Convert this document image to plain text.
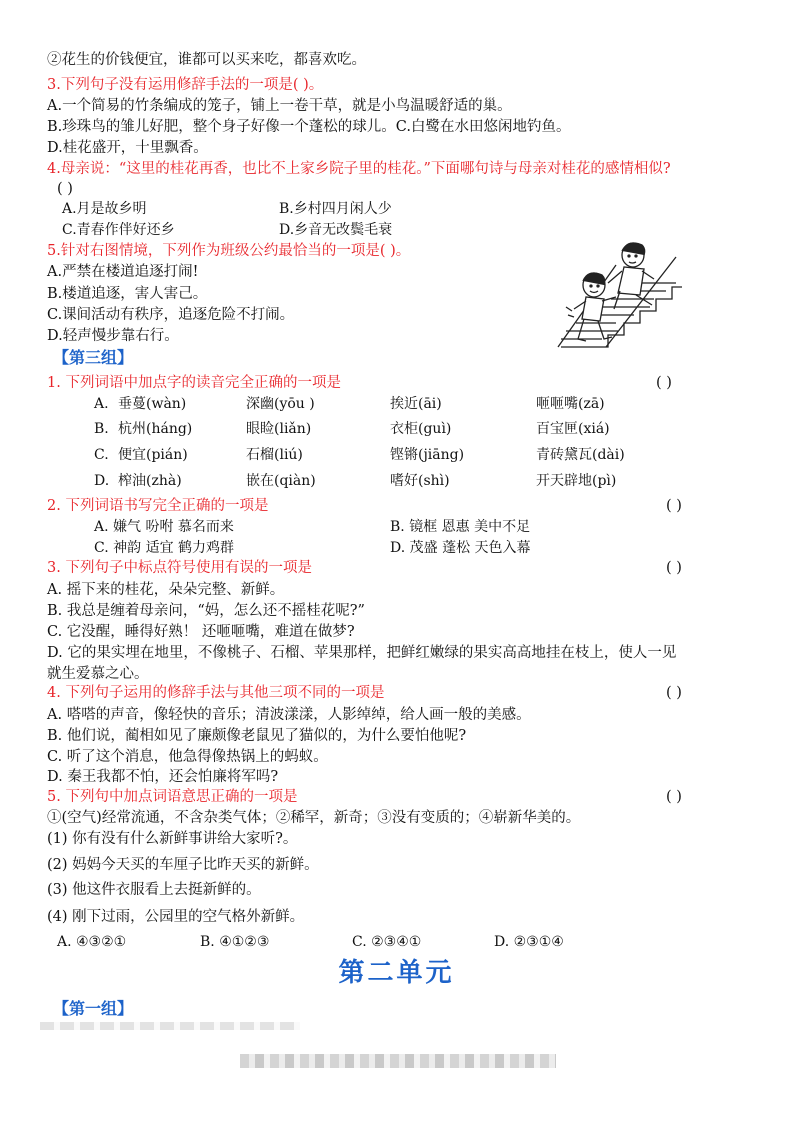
②花生的价钱便宜，谁都可以买来吃，都喜欢吃。
3.下列句子没有运用修辞手法的一项是( )。
A.一个简易的竹条编成的笼子，铺上一卷干草，就是小鸟温暖舒适的巢。
B.珍珠鸟的雏儿好肥，整个身子好像一个蓬松的球儿。C.白鹭在水田悠闲地钓鱼。
D.桂花盛开，十里飘香。
4.母亲说：“这里的桂花再香，也比不上家乡院子里的桂花。”下面哪句诗与母亲对桂花的感情相似?
( )
A.月是故乡明	B.乡村四月闲人少
C.青春作伴好还乡	D.乡音无改鬓毛衰
5.针对右图情境，下列作为班级公约最恰当的一项是( )。
A.严禁在楼道追逐打闹!
B.楼道追逐，害人害己。
C.课间活动有秩序，追逐危险不打闹。
D.轻声慢步靠右行。
【第三组】
1. 下列词语中加点字的读音完全正确的一项是	( )
A. 垂蔓(wàn)	深幽(yōu )	挨近(āi)	咂咂嘴(zā)
B. 杭州(háng)	眼睑(liǎn)	衣柜(guì)	百宝匣(xiá)
C. 便宜(pián)	石榴(liú)	铿锵(jiāng)	青砖黛瓦(dài)
D. 榨油(zhà)	嵌在(qiàn)	嗜好(shì)	开天辟地(pì)
2. 下列词语书写完全正确的一项是	( )
A. 嫌气 吩咐 慕名而来	B. 镜框 恩惠 美中不足
C. 神韵 适宜 鹤力鸡群	D. 茂盛 蓬松 天色入幕
3. 下列句子中标点符号使用有误的一项是	( )
A. 摇下来的桂花，朵朵完整、新鲜。
B. 我总是缠着母亲问，“妈，怎么还不摇桂花呢?”
C. 它没醒，睡得好熟！ 还咂咂嘴，难道在做梦?
D. 它的果实埋在地里，不像桃子、石榴、苹果那样，把鲜红嫩绿的果实高高地挂在枝上，使人一见
就生爱慕之心。
4. 下列句子运用的修辞手法与其他三项不同的一项是	( )
A. 嗒嗒的声音，像轻快的音乐；清波漾漾，人影绰绰，给人画一般的美感。
B. 他们说，蔺相如见了廉颇像老鼠见了猫似的，为什么要怕他呢?
C. 听了这个消息，他急得像热锅上的蚂蚁。
D. 秦王我都不怕，还会怕廉将军吗?
5. 下列句中加点词语意思正确的一项是	( )
①(空气)经常流通，不含杂类气体；②稀罕，新奇；③没有变质的；④崭新华美的。
(1) 你有没有什么新鲜事讲给大家听?。
(2) 妈妈今天买的车厘子比昨天买的新鲜。
(3) 他这件衣服看上去挺新鲜的。
(4) 刚下过雨，公园里的空气格外新鲜。
A. ④③②①	B. ④①②③	C. ②③④①	D. ②③①④
第二单元
【第一组】
